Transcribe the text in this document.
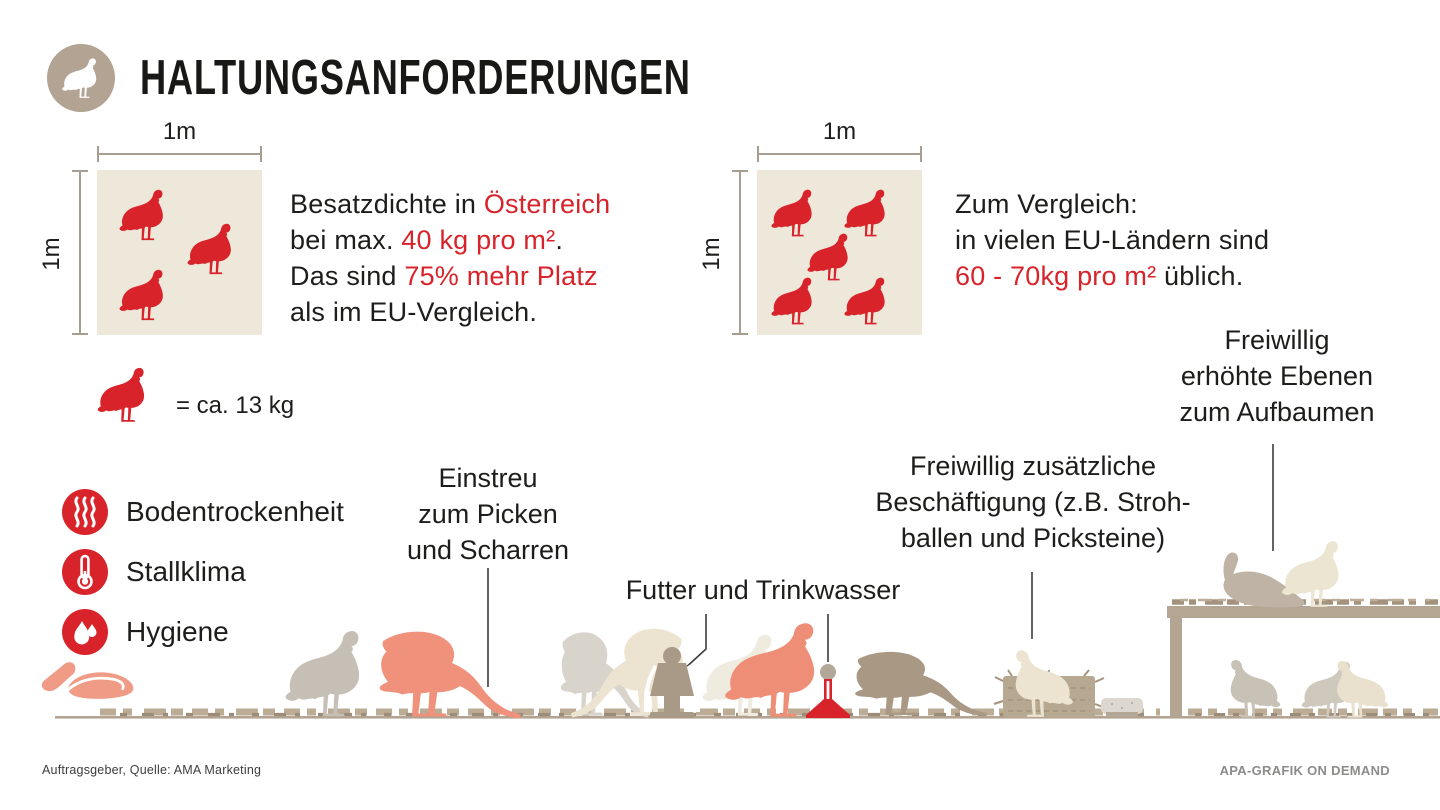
HALTUNGSANFORDERUNGEN
1m
1m
1m
1m

Besatzdichte in Österreich

bei max. 40 kg pro m².

Das sind 75% mehr Platz

als im EU-Vergleich.

Zum Vergleich:

in vielen EU-Ländern sind

60 - 70kg pro m² üblich.

= ca. 13 kg
Bodentrockenheit
Stallklima
Hygiene

Einstreu

zum Picken

und Scharren

Futter und Trinkwasser

Freiwillig zusätzliche

Beschäftigung (z.B. Stroh-

ballen und Picksteine)

Freiwillig

erhöhte Ebenen

zum Aufbaumen

Auftragsgeber, Quelle: AMA Marketing	APA-GRAFIK ON DEMAND
